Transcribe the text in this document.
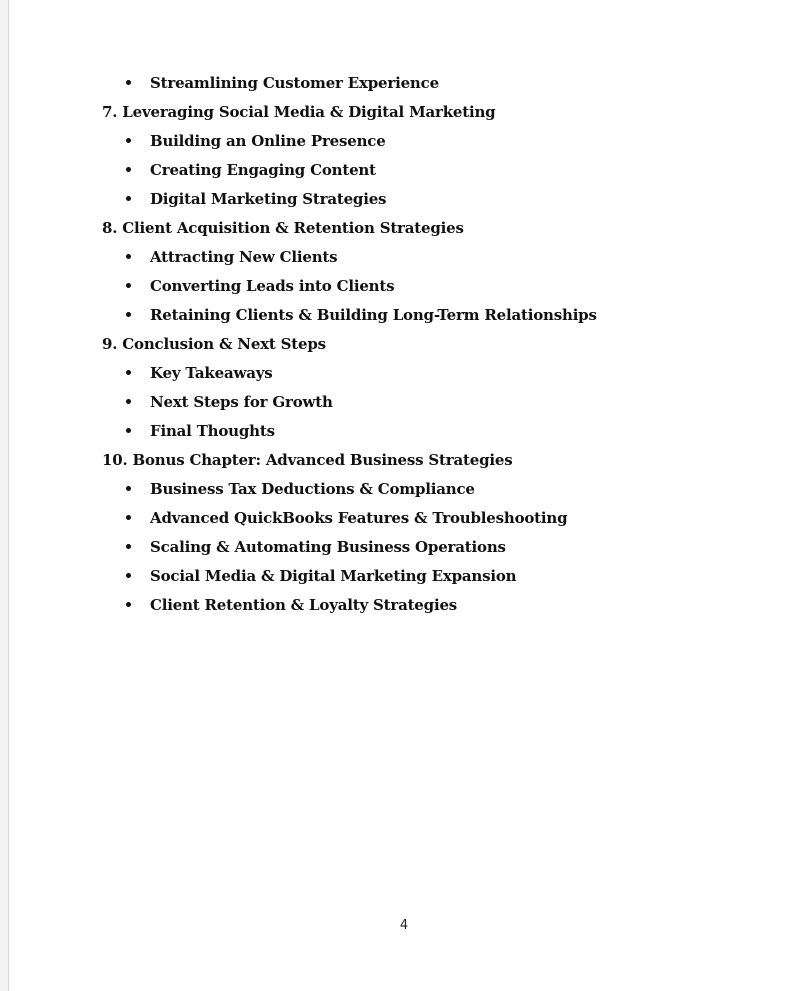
Streamlining Customer Experience
7. Leveraging Social Media & Digital Marketing
Building an Online Presence
Creating Engaging Content
Digital Marketing Strategies
8. Client Acquisition & Retention Strategies
Attracting New Clients
Converting Leads into Clients
Retaining Clients & Building Long-Term Relationships
9. Conclusion & Next Steps
Key Takeaways
Next Steps for Growth
Final Thoughts
10. Bonus Chapter: Advanced Business Strategies
Business Tax Deductions & Compliance
Advanced QuickBooks Features & Troubleshooting
Scaling & Automating Business Operations
Social Media & Digital Marketing Expansion
Client Retention & Loyalty Strategies
4
